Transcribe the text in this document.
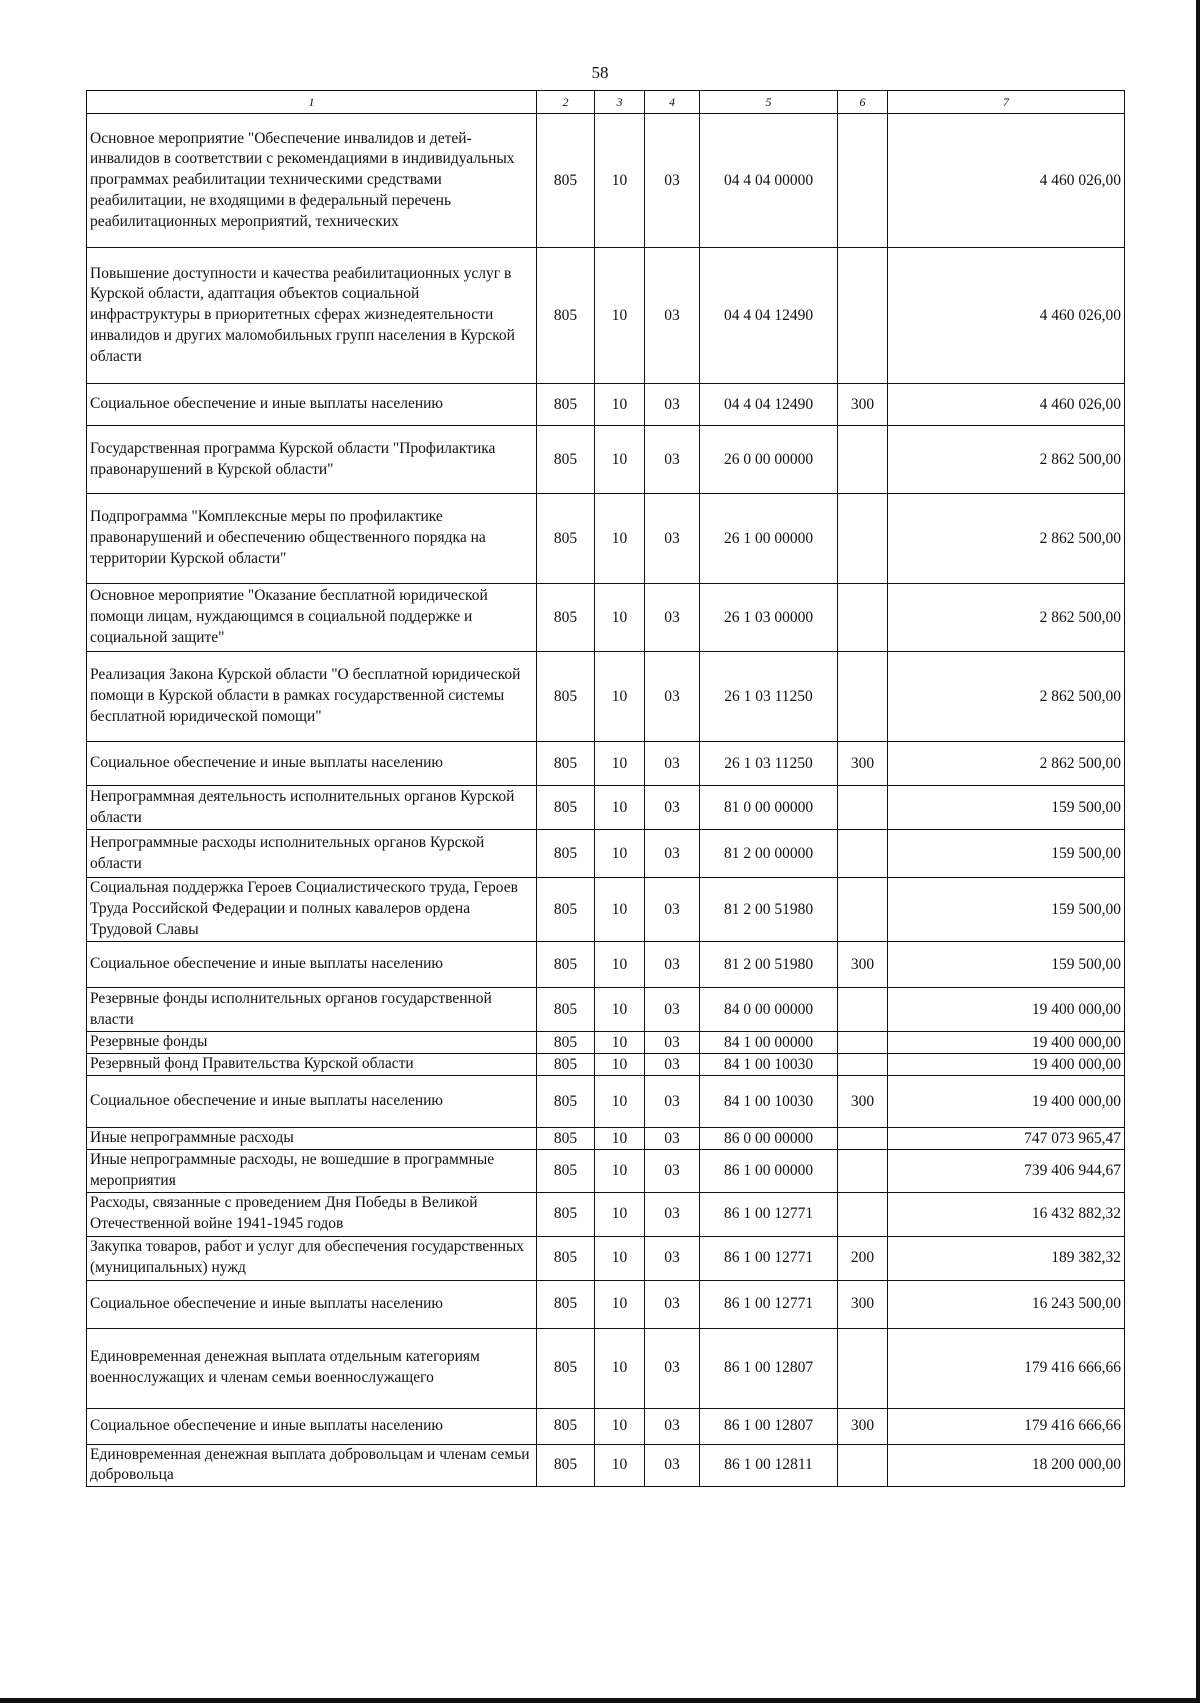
58
1	2	3	4	5	6	7
Основное мероприятие "Обеспечение инвалидов и детей-инвалидов в соответствии с рекомендациями в индивидуальных программах реабилитации техническими средствами реабилитации, не входящими в федеральный перечень реабилитационных мероприятий, технических	805	10	03	04 4 04 00000		4 460 026,00
Повышение доступности и качества реабилитационных услуг в Курской области, адаптация объектов социальной инфраструктуры в приоритетных сферах жизнедеятельности инвалидов и других маломобильных групп населения в Курской области	805	10	03	04 4 04 12490		4 460 026,00
Социальное обеспечение и иные выплаты населению	805	10	03	04 4 04 12490	300	4 460 026,00
Государственная программа Курской области "Профилактика правонарушений в Курской области"	805	10	03	26 0 00 00000		2 862 500,00
Подпрограмма "Комплексные меры по профилактике правонарушений и обеспечению общественного порядка на территории Курской области"	805	10	03	26 1 00 00000		2 862 500,00
Основное мероприятие "Оказание бесплатной юридической помощи лицам, нуждающимся в социальной поддержке и социальной защите"	805	10	03	26 1 03 00000		2 862 500,00
Реализация Закона Курской области "О бесплатной юридической помощи в Курской области в рамках государственной системы бесплатной юридической помощи"	805	10	03	26 1 03 11250		2 862 500,00
Социальное обеспечение и иные выплаты населению	805	10	03	26 1 03 11250	300	2 862 500,00
Непрограммная деятельность исполнительных органов Курской области	805	10	03	81 0 00 00000		159 500,00
Непрограммные расходы исполнительных органов Курской области	805	10	03	81 2 00 00000		159 500,00
Социальная поддержка Героев Социалистического труда, Героев Труда Российской Федерации и полных кавалеров ордена Трудовой Славы	805	10	03	81 2 00 51980		159 500,00
Социальное обеспечение и иные выплаты населению	805	10	03	81 2 00 51980	300	159 500,00
Резервные фонды исполнительных органов государственной власти	805	10	03	84 0 00 00000		19 400 000,00
Резервные фонды	805	10	03	84 1 00 00000		19 400 000,00
Резервный фонд Правительства Курской области	805	10	03	84 1 00 10030		19 400 000,00
Социальное обеспечение и иные выплаты населению	805	10	03	84 1 00 10030	300	19 400 000,00
Иные непрограммные расходы	805	10	03	86 0 00 00000		747 073 965,47
Иные непрограммные расходы, не вошедшие в программные мероприятия	805	10	03	86 1 00 00000		739 406 944,67
Расходы, связанные с проведением Дня Победы в Великой Отечественной войне 1941-1945 годов	805	10	03	86 1 00 12771		16 432 882,32
Закупка товаров, работ и услуг для обеспечения государственных (муниципальных) нужд	805	10	03	86 1 00 12771	200	189 382,32
Социальное обеспечение и иные выплаты населению	805	10	03	86 1 00 12771	300	16 243 500,00
Единовременная денежная выплата отдельным категориям военнослужащих и членам семьи военнослужащего	805	10	03	86 1 00 12807		179 416 666,66
Социальное обеспечение и иные выплаты населению	805	10	03	86 1 00 12807	300	179 416 666,66
Единовременная денежная выплата добровольцам и членам семьи добровольца	805	10	03	86 1 00 12811		18 200 000,00
